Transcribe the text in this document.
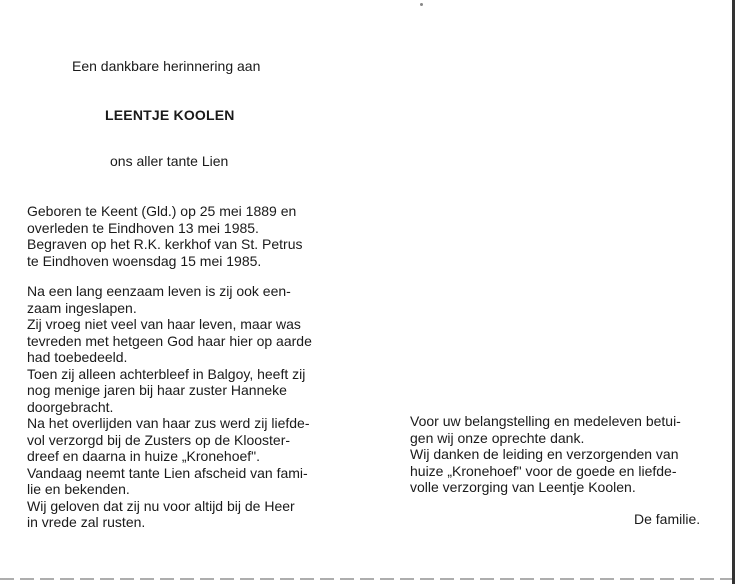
Een dankbare herinnering aan
LEENTJE KOOLEN
ons aller tante Lien
Geboren te Keent (Gld.) op 25 mei 1889 en
overleden te Eindhoven 13 mei 1985.
Begraven op het R.K. kerkhof van St. Petrus
te Eindhoven woensdag 15 mei 1985.
Na een lang eenzaam leven is zij ook een-
zaam ingeslapen.
Zij vroeg niet veel van haar leven, maar was
tevreden met hetgeen God haar hier op aarde
had toebedeeld.
Toen zij alleen achterbleef in Balgoy, heeft zij
nog menige jaren bij haar zuster Hanneke
doorgebracht.
Na het overlijden van haar zus werd zij liefde-
vol verzorgd bij de Zusters op de Klooster-
dreef en daarna in huize „Kronehoef".
Vandaag neemt tante Lien afscheid van fami-
lie en bekenden.
Wij geloven dat zij nu voor altijd bij de Heer
in vrede zal rusten.
Voor uw belangstelling en medeleven betui-
gen wij onze oprechte dank.
Wij danken de leiding en verzorgenden van
huize „Kronehoef" voor de goede en liefde-
volle verzorging van Leentje Koolen.
De familie.
